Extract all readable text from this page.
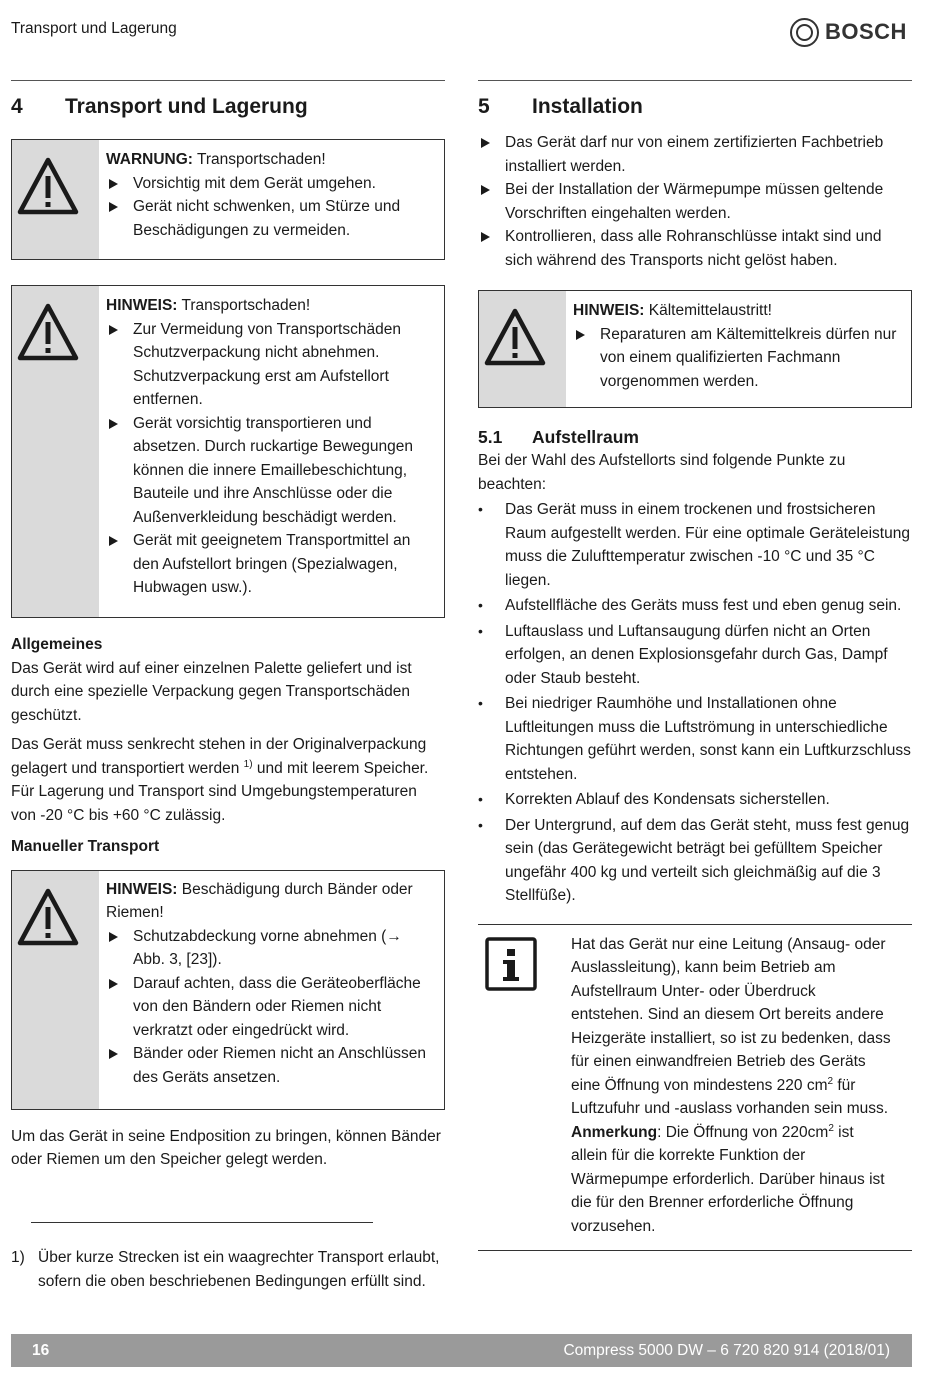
Transport und Lagerung	BOSCH
4	Transport und Lagerung
WARNUNG: Transportschaden!
Vorsichtig mit dem Gerät umgehen.
Gerät nicht schwenken, um Stürze und Beschädigungen zu vermeiden.
HINWEIS: Transportschaden!
Zur Vermeidung von Transportschäden Schutzverpackung nicht abnehmen. Schutzverpackung erst am Aufstellort entfernen.
Gerät vorsichtig transportieren und absetzen. Durch ruckartige Bewegungen können die innere Emaillebeschichtung, Bauteile und ihre Anschlüsse oder die Außenverkleidung beschädigt werden.
Gerät mit geeignetem Transportmittel an den Aufstellort bringen (Spezialwagen, Hubwagen usw.).
Allgemeines

Das Gerät wird auf einer einzelnen Palette geliefert und ist durch eine spezielle Verpackung gegen Transportschäden geschützt.

Das Gerät muss senkrecht stehen in der Originalverpackung gelagert und transportiert werden $^{1)}$ und mit leerem Speicher. Für Lagerung und Transport sind Umgebungstemperaturen von -20 °C bis +60 °C zulässig.

Manueller Transport
HINWEIS: Beschädigung durch Bänder oder Riemen!
Schutzabdeckung vorne abnehmen (→ Abb. 3, [23]).
Darauf achten, dass die Geräteoberfläche von den Bändern oder Riemen nicht verkratzt oder eingedrückt wird.
Bänder oder Riemen nicht an Anschlüssen des Geräts ansetzen.

Um das Gerät in seine Endposition zu bringen, können Bänder oder Riemen um den Speicher gelegt werden.

1) Über kurze Strecken ist ein waagrechter Transport erlaubt, sofern die oben beschriebenen Bedingungen erfüllt sind.
5	Installation
Das Gerät darf nur von einem zertifizierten Fachbetrieb installiert werden.
Bei der Installation der Wärmepumpe müssen geltende Vorschriften eingehalten werden.
Kontrollieren, dass alle Rohranschlüsse intakt sind und sich während des Transports nicht gelöst haben.
HINWEIS: Kältemittelaustritt!
Reparaturen am Kältemittelkreis dürfen nur von einem qualifizierten Fachmann vorgenommen werden.
5.1	Aufstellraum

Bei der Wahl des Aufstellorts sind folgende Punkte zu beachten:

• Das Gerät muss in einem trockenen und frostsicheren Raum aufgestellt werden. Für eine optimale Geräteleistung muss die Zulufttemperatur zwischen -10 °C und 35 °C liegen.
• Aufstellfläche des Geräts muss fest und eben genug sein.
• Luftauslass und Luftansaugung dürfen nicht an Orten erfolgen, an denen Explosionsgefahr durch Gas, Dampf oder Staub besteht.
• Bei niedriger Raumhöhe und Installationen ohne Luftleitungen muss die Luftströmung in unterschiedliche Richtungen geführt werden, sonst kann ein Luftkurzschluss entstehen.
• Korrekten Ablauf des Kondensats sicherstellen.
• Der Untergrund, auf dem das Gerät steht, muss fest genug sein (das Gerätegewicht beträgt bei gefülltem Speicher ungefähr 400 kg und verteilt sich gleichmäßig auf die 3 Stellfüße).

Hat das Gerät nur eine Leitung (Ansaug- oder Auslassleitung), kann beim Betrieb am Aufstellraum Unter- oder Überdruck entstehen. Sind an diesem Ort bereits andere Heizgeräte installiert, so ist zu bedenken, dass für einen einwandfreien Betrieb des Geräts eine Öffnung von mindestens 220 $cm^2$ für Luftzufuhr und -auslass vorhanden sein muss. Anmerkung: Die Öffnung von $220cm^2$ ist allein für die korrekte Funktion der Wärmepumpe erforderlich. Darüber hinaus ist die für den Brenner erforderliche Öffnung vorzusehen.

16	Compress 5000 DW – 6 720 820 914 (2018/01)
